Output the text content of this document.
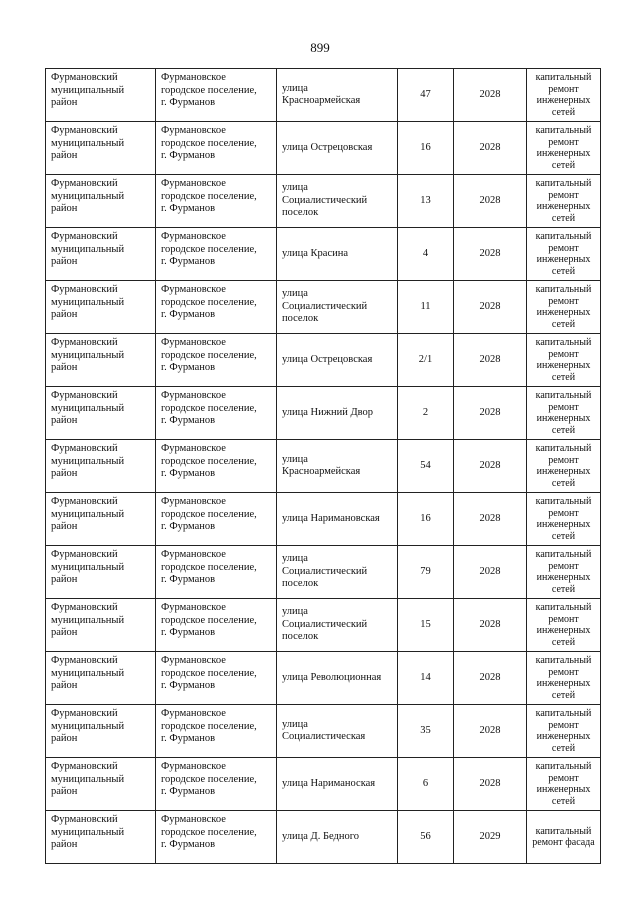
899
Фурмановский
муниципальный
район	Фурмановское
городское поселение,
г. Фурманов	улица
Красноармейская	47	2028	капитальный
ремонт
инженерных
сетей

Фурмановский
муниципальный
район	Фурмановское
городское поселение,
г. Фурманов	улица Острецовская	16	2028	капитальный
ремонт
инженерных
сетей

Фурмановский
муниципальный
район	Фурмановское
городское поселение,
г. Фурманов	улица
Социалистический
поселок	13	2028	капитальный
ремонт
инженерных
сетей

Фурмановский
муниципальный
район	Фурмановское
городское поселение,
г. Фурманов	улица Красина	4	2028	капитальный
ремонт
инженерных
сетей

Фурмановский
муниципальный
район	Фурмановское
городское поселение,
г. Фурманов	улица
Социалистический
поселок	11	2028	капитальный
ремонт
инженерных
сетей

Фурмановский
муниципальный
район	Фурмановское
городское поселение,
г. Фурманов	улица Острецовская	2/1	2028	капитальный
ремонт
инженерных
сетей

Фурмановский
муниципальный
район	Фурмановское
городское поселение,
г. Фурманов	улица Нижний Двор	2	2028	капитальный
ремонт
инженерных
сетей

Фурмановский
муниципальный
район	Фурмановское
городское поселение,
г. Фурманов	улица
Красноармейская	54	2028	капитальный
ремонт
инженерных
сетей

Фурмановский
муниципальный
район	Фурмановское
городское поселение,
г. Фурманов	улица Наримановская	16	2028	капитальный
ремонт
инженерных
сетей

Фурмановский
муниципальный
район	Фурмановское
городское поселение,
г. Фурманов	улица
Социалистический
поселок	79	2028	капитальный
ремонт
инженерных
сетей

Фурмановский
муниципальный
район	Фурмановское
городское поселение,
г. Фурманов	улица
Социалистический
поселок	15	2028	капитальный
ремонт
инженерных
сетей

Фурмановский
муниципальный
район	Фурмановское
городское поселение,
г. Фурманов	улица Революционная	14	2028	капитальный
ремонт
инженерных
сетей

Фурмановский
муниципальный
район	Фурмановское
городское поселение,
г. Фурманов	улица
Социалистическая	35	2028	капитальный
ремонт
инженерных
сетей

Фурмановский
муниципальный
район	Фурмановское
городское поселение,
г. Фурманов	улица Нариманоская	6	2028	капитальный
ремонт
инженерных
сетей

Фурмановский
муниципальный
район	Фурмановское
городское поселение,
г. Фурманов	улица Д. Бедного	56	2029	капитальный
ремонт фасада
